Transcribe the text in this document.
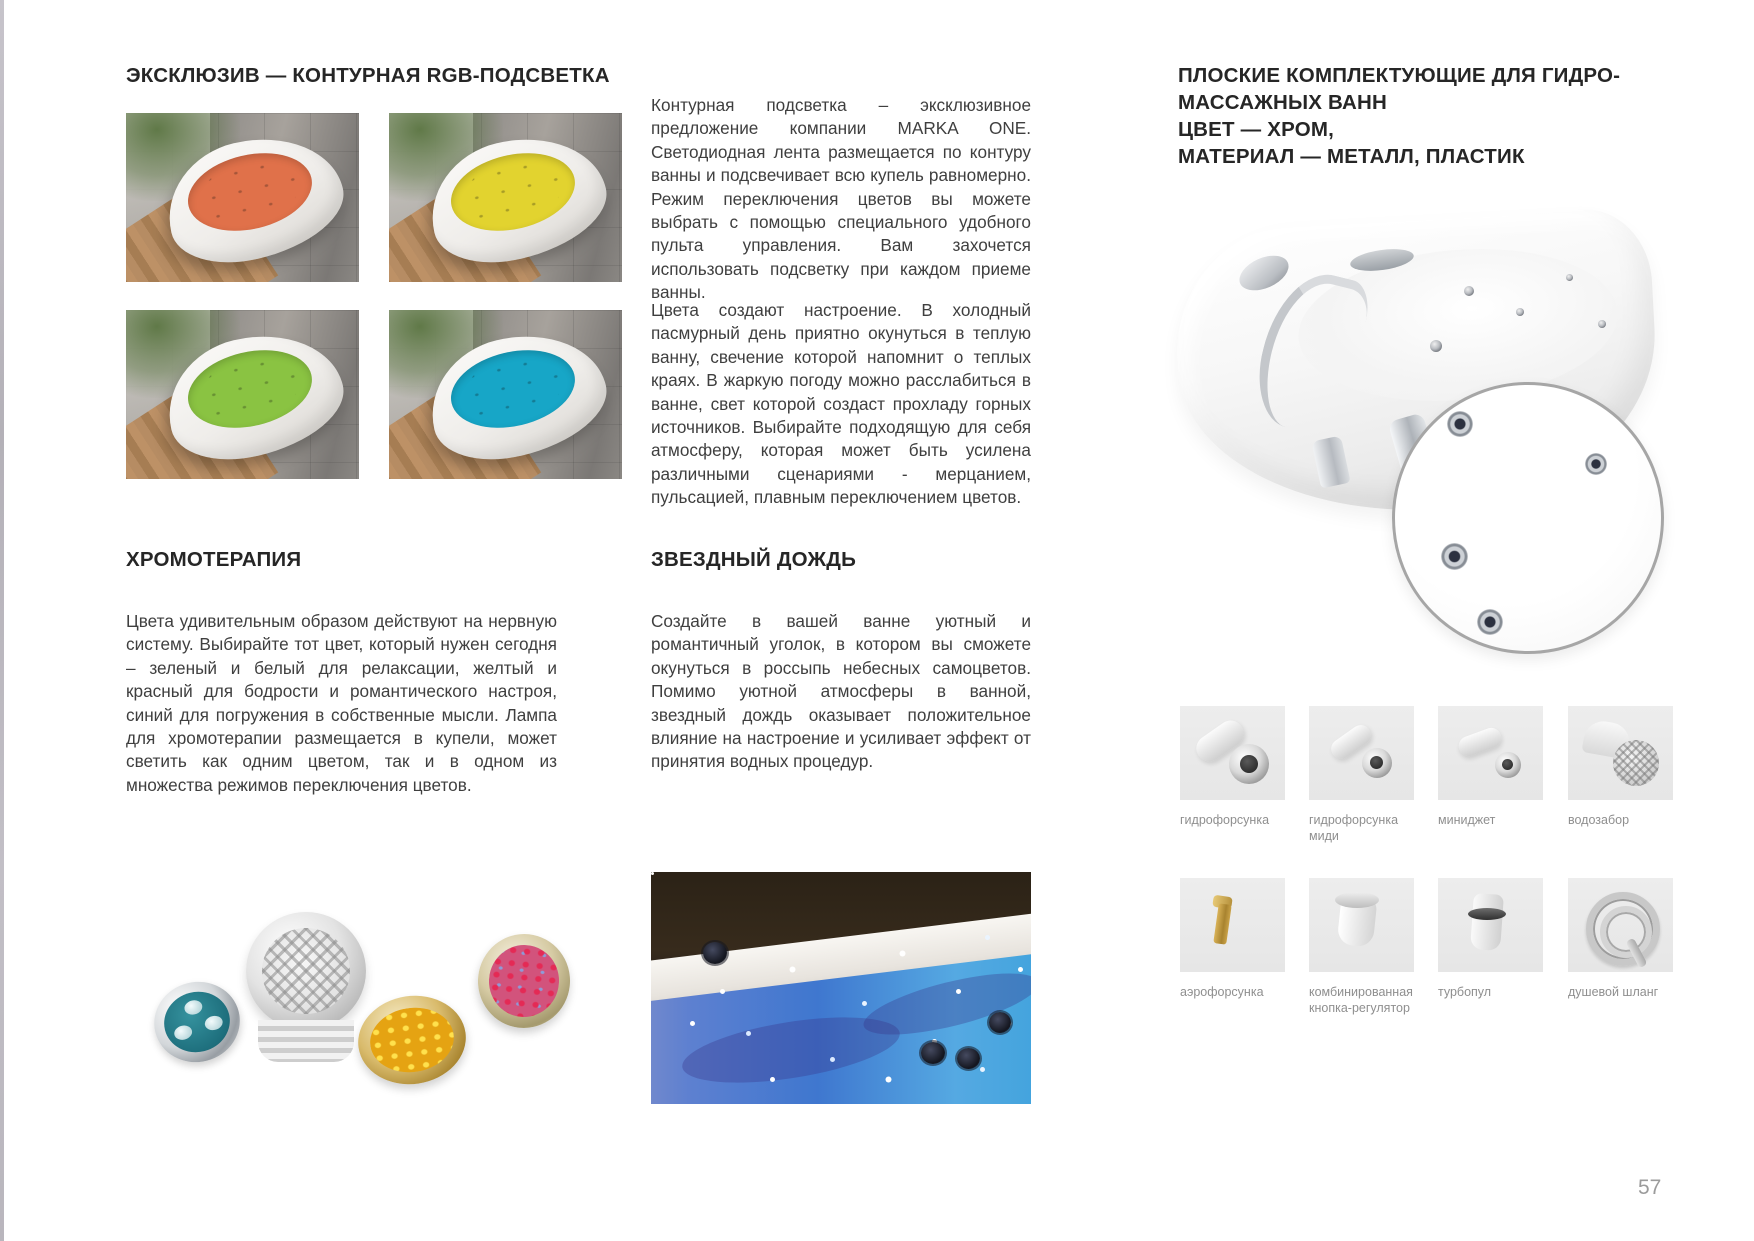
ЭКСКЛЮЗИВ — КОНТУРНАЯ RGB-ПОДСВЕТКА
Контурная подсветка – эксклюзивное предложение компании MARKA ONE. Светодиодная лента размещается по контуру ванны и подсвечивает всю купель равномерно. Режим переключения цветов вы можете выбрать с помощью специального удобного пульта управления. Вам захочется использовать подсветку при каждом приеме ванны.
Цвета создают настроение. В холодный пасмурный день приятно окунуться в теплую ванну, свечение которой напомнит о теплых краях. В жаркую погоду можно расслабиться в ванне, свет которой создаст прохладу горных источников. Выбирайте подходящую для себя атмосферу, которая может быть усилена различными сценариями - мерцанием, пульсацией, плавным переключением цветов.
ХРОМОТЕРАПИЯ
Цвета удивительным образом действуют на нервную систему. Выбирайте тот цвет, который нужен сегодня – зеленый и белый для релаксации, желтый и красный для бодрости и романтического настроя, синий для погружения в собственные мысли. Лампа для хромотерапии размещается в купели, может светить как одним цветом, так и в одном из множества режимов переключения цветов.
ЗВЕЗДНЫЙ ДОЖДЬ
Создайте в вашей ванне уютный и романтичный уголок, в котором вы сможете окунуться в россыпь небесных самоцветов. Помимо уютной атмосферы в ванной, звездный дождь оказывает положительное влияние на настроение и усиливает эффект от принятия водных процедур.
ПЛОСКИЕ КОМПЛЕКТУЮЩИЕ ДЛЯ ГИДРО-
МАССАЖНЫХ ВАНН
ЦВЕТ — ХРОМ,
МАТЕРИАЛ — МЕТАЛЛ, ПЛАСТИК
гидрофорсунка	гидрофорсунка миди
миниджет	водозабор
аэрофорсунка	комбинированная кнопка-регулятор
турбопул	душевой шланг
57
